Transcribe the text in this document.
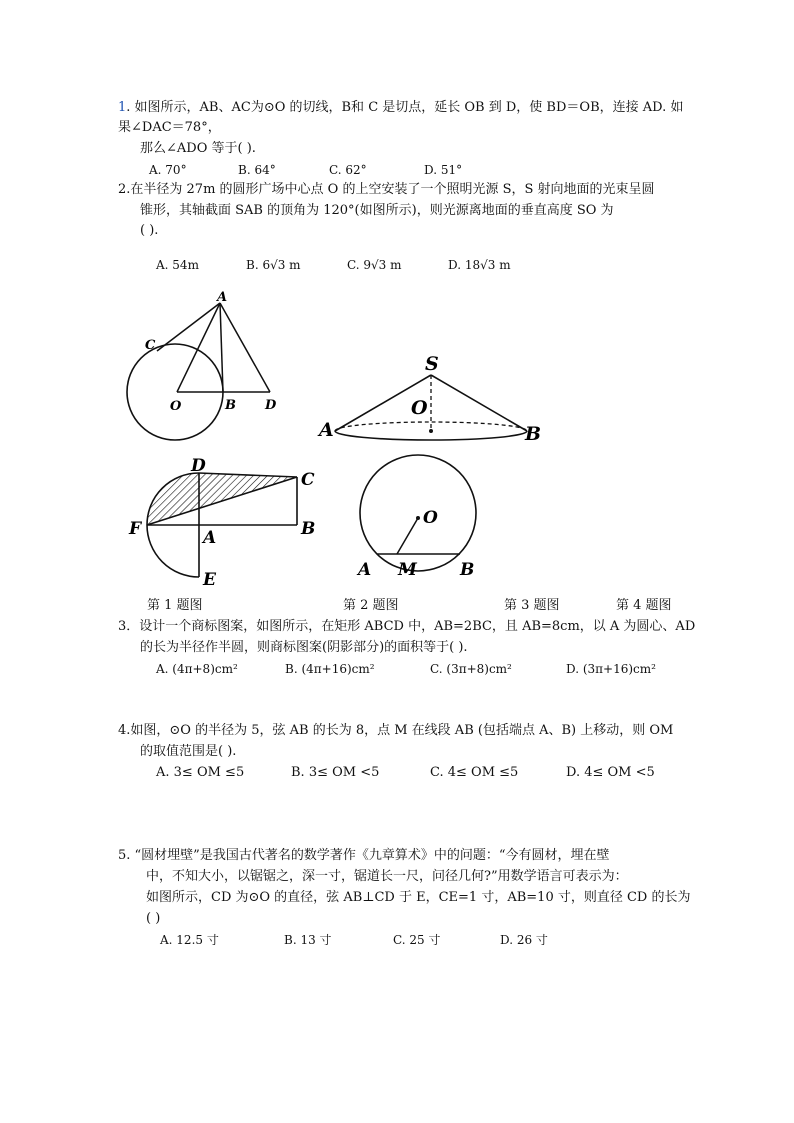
1. 如图所示，AB、AC为⊙O 的切线，B和 C 是切点，延长 OB 到 D，使 BD＝OB，连接 AD. 如
果∠DAC＝78°，
那么∠ADO 等于( ).
A. 70°	B. 64°	C. 62°	D. 51°
2.在半径为 27m 的圆形广场中心点 O 的上空安装了一个照明光源 S，S 射向地面的光束呈圆
锥形，其轴截面 SAB 的顶角为 120°(如图所示)，则光源离地面的垂直高度 SO 为
( ).
A. 54m	B. 6√3 m	C. 9√3 m	D. 18√3 m
A
C
O	B D
S
O
A	B
D
C
F	A	B
E
O
A M	B
第 1 题图	第 2 题图	第 3 题图	第 4 题图
3．设计一个商标图案，如图所示，在矩形 ABCD 中，AB=2BC，且 AB=8cm，以 A 为圆心、AD
的长为半径作半圆，则商标图案(阴影部分)的面积等于( ).
A. (4π+8)cm²	B. (4π+16)cm²	C. (3π+8)cm²	D. (3π+16)cm²
4.如图，⊙O 的半径为 5，弦 AB 的长为 8，点 M 在线段 AB (包括端点 A、B) 上移动，则 OM
的取值范围是( ).
A. 3≤ OM ≤5	B. 3≤ OM <5	C. 4≤ OM ≤5	D. 4≤ OM <5
5. “圆材埋壁”是我国古代著名的数学著作《九章算术》中的问题：“今有圆材，埋在壁
中，不知大小，以锯锯之，深一寸，锯道长一尺，问径几何?”用数学语言可表示为：
如图所示，CD 为⊙O 的直径，弦 AB⊥CD 于 E，CE=1 寸，AB=10 寸，则直径 CD 的长为
( )
A. 12.5 寸	B. 13 寸	C. 25 寸	D. 26 寸
